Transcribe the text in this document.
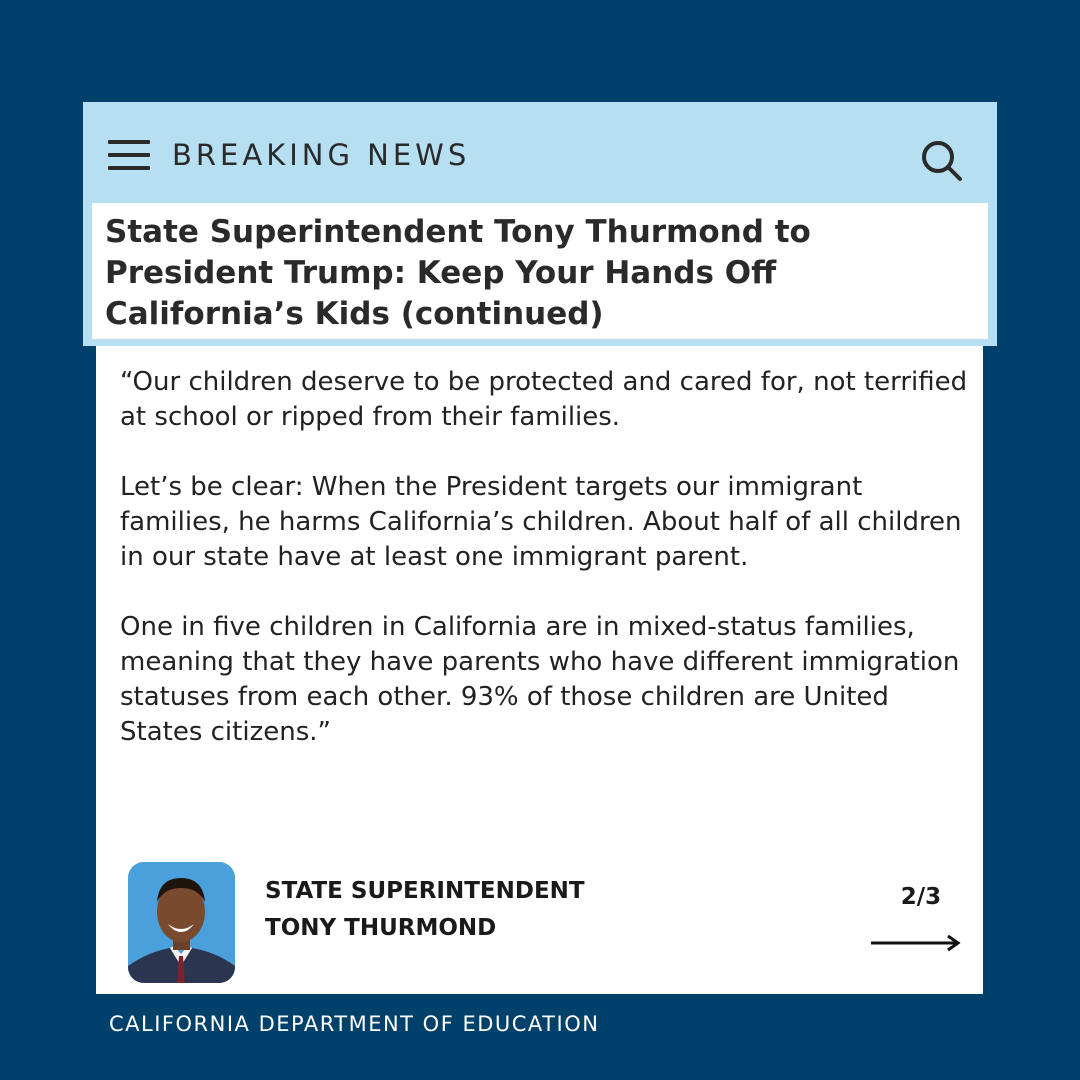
“Our children deserve to be protected and cared for, not terrified at school or ripped from their families.

Let’s be clear: When the President targets our immigrant families, he harms California’s children. About half of all children in our state have at least one immigrant parent.

One in five children in California are in mixed-status families, meaning that they have parents who have different immigration statuses from each other. 93% of those children are United States citizens.”

STATE SUPERINTENDENT
TONY THURMOND
2/3
BREAKING NEWS
State Superintendent Tony Thurmond to
President Trump: Keep Your Hands Off
California’s Kids (continued)
CALIFORNIA DEPARTMENT OF EDUCATION
